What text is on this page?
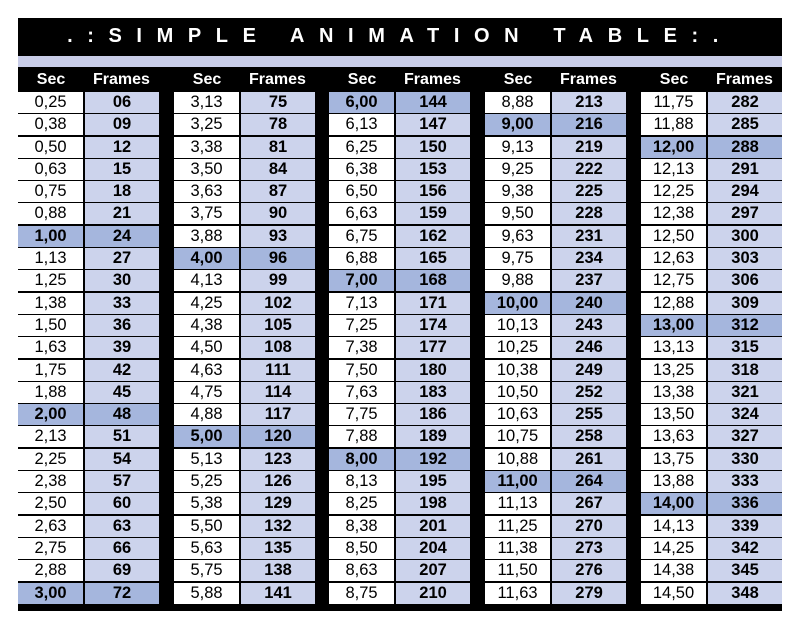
.:SIMPLE ANIMATION TABLE:.
Sec	Frames
0,25	06
0,38	09
0,50	12
0,63	15
0,75	18
0,88	21
1,00	24
1,13	27
1,25	30
1,38	33
1,50	36
1,63	39
1,75	42
1,88	45
2,00	48
2,13	51
2,25	54
2,38	57
2,50	60
2,63	63
2,75	66
2,88	69
3,00	72
Sec	Frames
3,13	75
3,25	78
3,38	81
3,50	84
3,63	87
3,75	90
3,88	93
4,00	96
4,13	99
4,25	102
4,38	105
4,50	108
4,63	111
4,75	114
4,88	117
5,00	120
5,13	123
5,25	126
5,38	129
5,50	132
5,63	135
5,75	138
5,88	141
Sec	Frames
6,00	144
6,13	147
6,25	150
6,38	153
6,50	156
6,63	159
6,75	162
6,88	165
7,00	168
7,13	171
7,25	174
7,38	177
7,50	180
7,63	183
7,75	186
7,88	189
8,00	192
8,13	195
8,25	198
8,38	201
8,50	204
8,63	207
8,75	210
Sec	Frames
8,88	213
9,00	216
9,13	219
9,25	222
9,38	225
9,50	228
9,63	231
9,75	234
9,88	237
10,00	240
10,13	243
10,25	246
10,38	249
10,50	252
10,63	255
10,75	258
10,88	261
11,00	264
11,13	267
11,25	270
11,38	273
11,50	276
11,63	279
Sec	Frames
11,75	282
11,88	285
12,00	288
12,13	291
12,25	294
12,38	297
12,50	300
12,63	303
12,75	306
12,88	309
13,00	312
13,13	315
13,25	318
13,38	321
13,50	324
13,63	327
13,75	330
13,88	333
14,00	336
14,13	339
14,25	342
14,38	345
14,50	348
